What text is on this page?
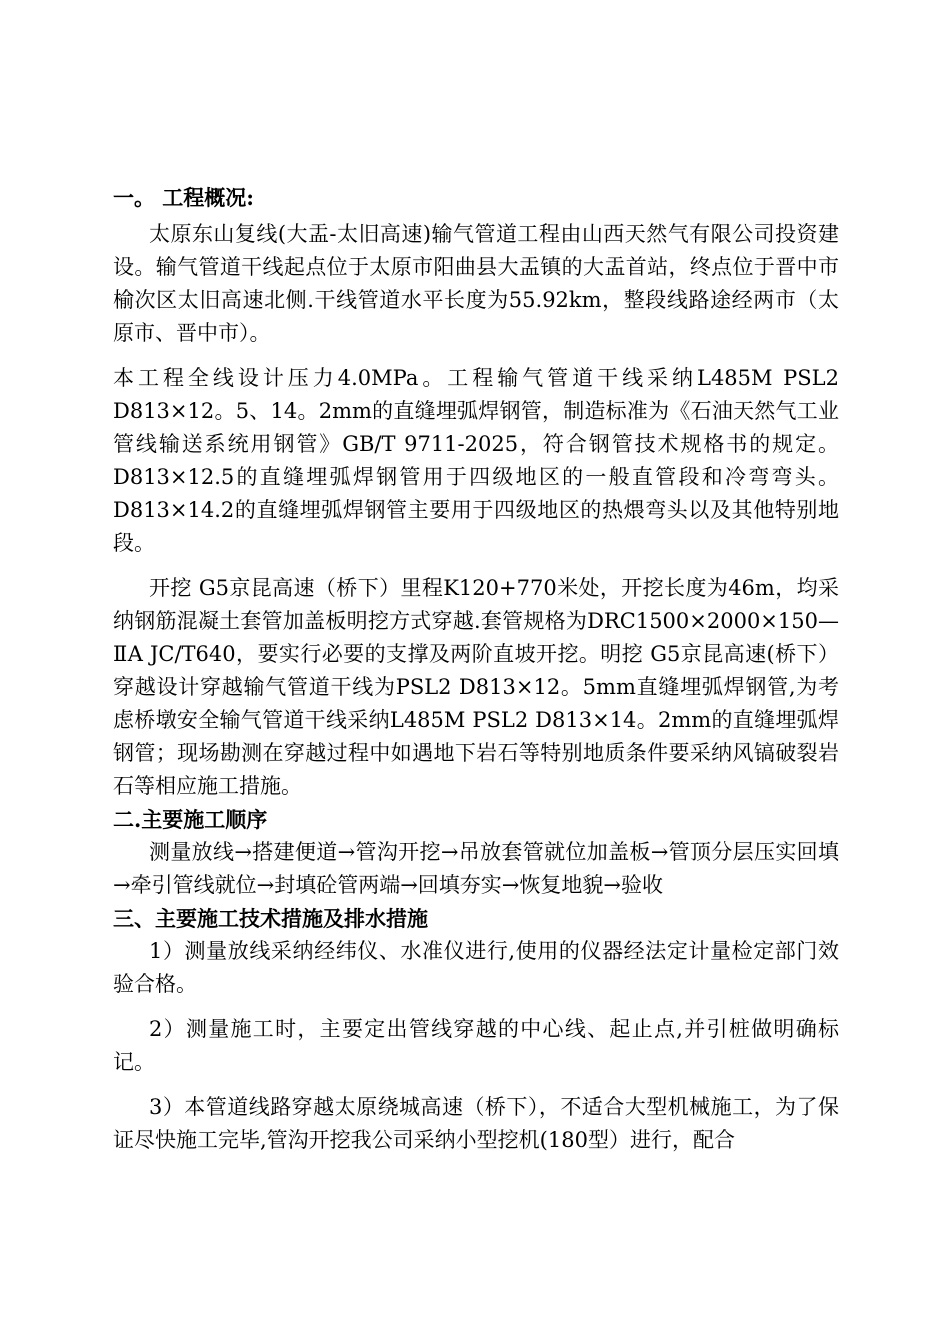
一。 工程概况:

太原东山复线(大盂-太旧高速)输气管道工程由山西天然气有限公司投资建设。输气管道干线起点位于太原市阳曲县大盂镇的大盂首站，终点位于晋中市榆次区太旧高速北侧.干线管道水平长度为55.92km，整段线路途经两市（太原市、晋中市）。

本工程全线设计压力4.0MPa。工程输气管道干线采纳L485M PSL2 D813×12。5、14。2mm的直缝埋弧焊钢管，制造标准为《石油天然气工业管线输送系统用钢管》GB/T 9711-2025，符合钢管技术规格书的规定。D813×12.5的直缝埋弧焊钢管用于四级地区的一般直管段和冷弯弯头。D813×14.2的直缝埋弧焊钢管主要用于四级地区的热煨弯头以及其他特别地段。

开挖 G5京昆高速（桥下）里程K120+770米处，开挖长度为46m，均采纳钢筋混凝土套管加盖板明挖方式穿越.套管规格为DRC1500×2000×150—ⅡA JC/T640，要实行必要的支撑及两阶直坡开挖。明挖 G5京昆高速(桥下）穿越设计穿越输气管道干线为PSL2 D813×12。5mm直缝埋弧焊钢管,为考虑桥墩安全输气管道干线采纳L485M PSL2 D813×14。2mm的直缝埋弧焊钢管；现场勘测在穿越过程中如遇地下岩石等特别地质条件要采纳风镐破裂岩石等相应施工措施。

二.主要施工顺序

测量放线→搭建便道→管沟开挖→吊放套管就位加盖板→管顶分层压实回填→牵引管线就位→封填砼管两端→回填夯实→恢复地貌→验收

三、主要施工技术措施及排水措施

1）测量放线采纳经纬仪、水准仪进行,使用的仪器经法定计量检定部门效验合格。

2）测量施工时，主要定出管线穿越的中心线、起止点,并引桩做明确标记。

3）本管道线路穿越太原绕城高速（桥下），不适合大型机械施工，为了保证尽快施工完毕,管沟开挖我公司采纳小型挖机(180型）进行，配合
